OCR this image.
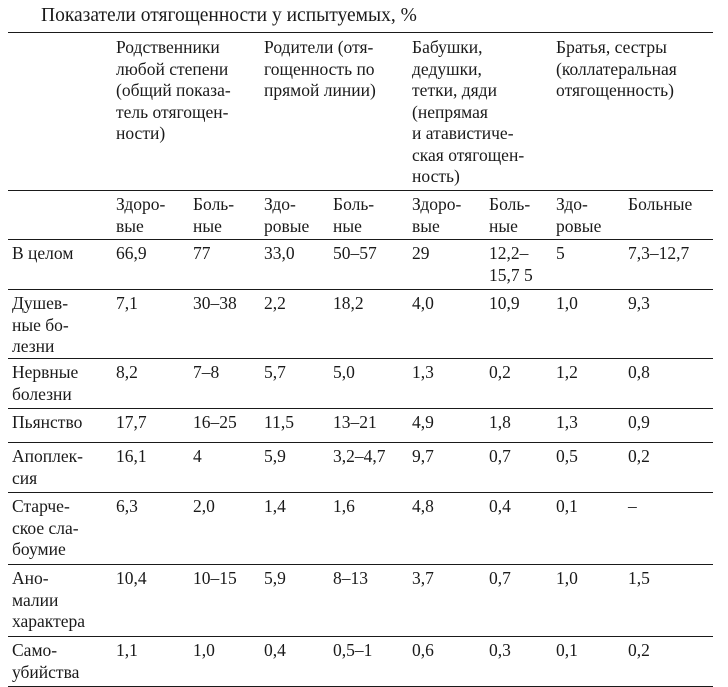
Показатели отягощенности у испытуемых, %
	Родственники
любой степени
(общий показа-
тель отягощен-
ности)	Родители (отя-
гощенность по
прямой линии)	Бабушки,
дедушки,
тетки, дяди
(непрямая
и атавистиче-
ская отягощен-
ность)	Братья, сестры
(коллатеральная
отягощенность)
	Здоро-
вые	Боль-
ные	Здо-
ровые	Боль-
ные	Здоро-
вые	Боль-
ные	Здо-
ровые	Больные
В целом	66,9	77	33,0	50–57	29	12,2–
15,7 5	5	7,3–12,7
Душев-
ные бо-
лезни	7,1	30–38	2,2	18,2	4,0	10,9	1,0	9,3
Нервные
болезни	8,2	7–8	5,7	5,0	1,3	0,2	1,2	0,8
Пьянство	17,7	16–25	11,5	13–21	4,9	1,8	1,3	0,9
Апоплек-
сия	16,1	4	5,9	3,2–4,7	9,7	0,7	0,5	0,2
Старче-
ское сла-
боумие	6,3	2,0	1,4	1,6	4,8	0,4	0,1	–
Ано-
малии
характера	10,4	10–15	5,9	8–13	3,7	0,7	1,0	1,5
Само-
убийства	1,1	1,0	0,4	0,5–1	0,6	0,3	0,1	0,2
